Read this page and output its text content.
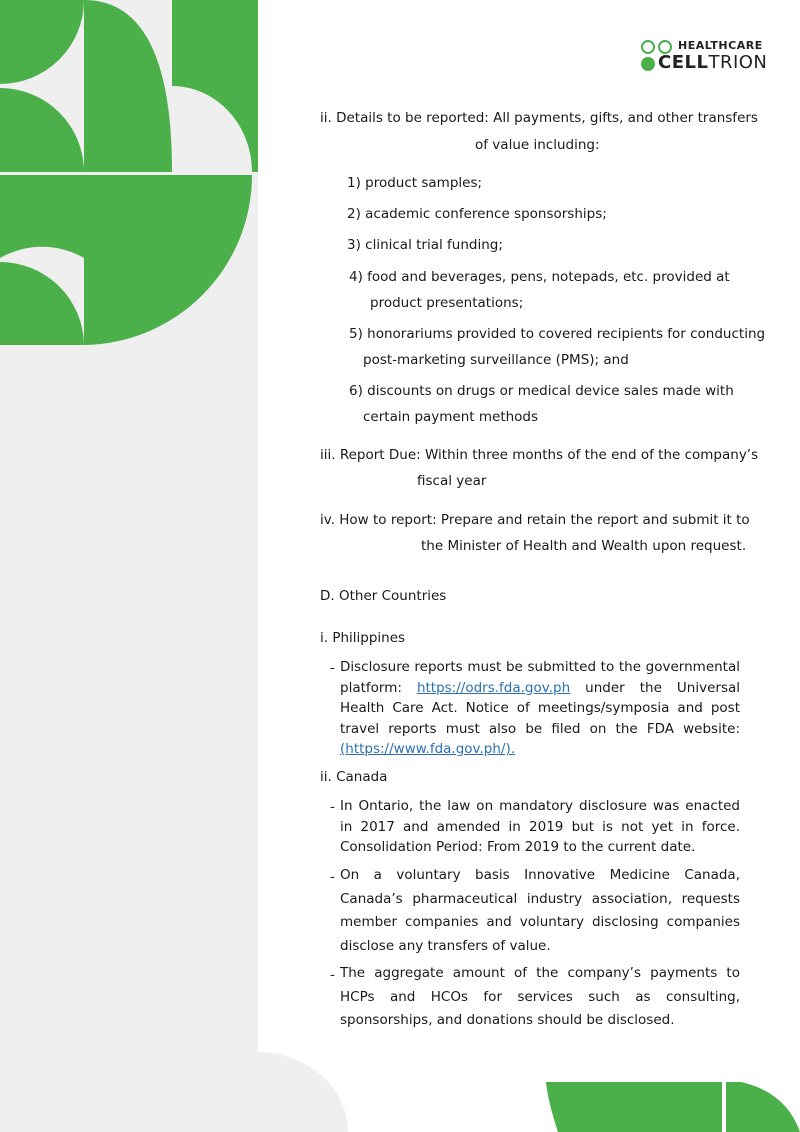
HEALTHCARE
CELLTRION
ii. Details to be reported: All payments, gifts, and other transfers
of value including:
1) product samples;
2) academic conference sponsorships;
3) clinical trial funding;
4) food and beverages, pens, notepads, etc. provided at
product presentations;
5) honorariums provided to covered recipients for conducting
post-marketing surveillance (PMS); and
6) discounts on drugs or medical device sales made with
certain payment methods
iii. Report Due: Within three months of the end of the company’s
fiscal year
iv. How to report: Prepare and retain the report and submit it to
the Minister of Health and Wealth upon request.
D. Other Countries
i. Philippines
- Disclosure reports must be submitted to the governmental platform: https://odrs.fda.gov.ph under the Universal Health Care Act. Notice of meetings/symposia and post travel reports must also be filed on the FDA website: (https://www.fda.gov.ph/).
ii. Canada
- In Ontario, the law on mandatory disclosure was enacted in 2017 and amended in 2019 but is not yet in force. Consolidation Period: From 2019 to the current date.
- On a voluntary basis Innovative Medicine Canada, Canada’s pharmaceutical industry association, requests member companies and voluntary disclosing companies disclose any transfers of value.
- The aggregate amount of the company’s payments to HCPs and HCOs for services such as consulting, sponsorships, and donations should be disclosed.
